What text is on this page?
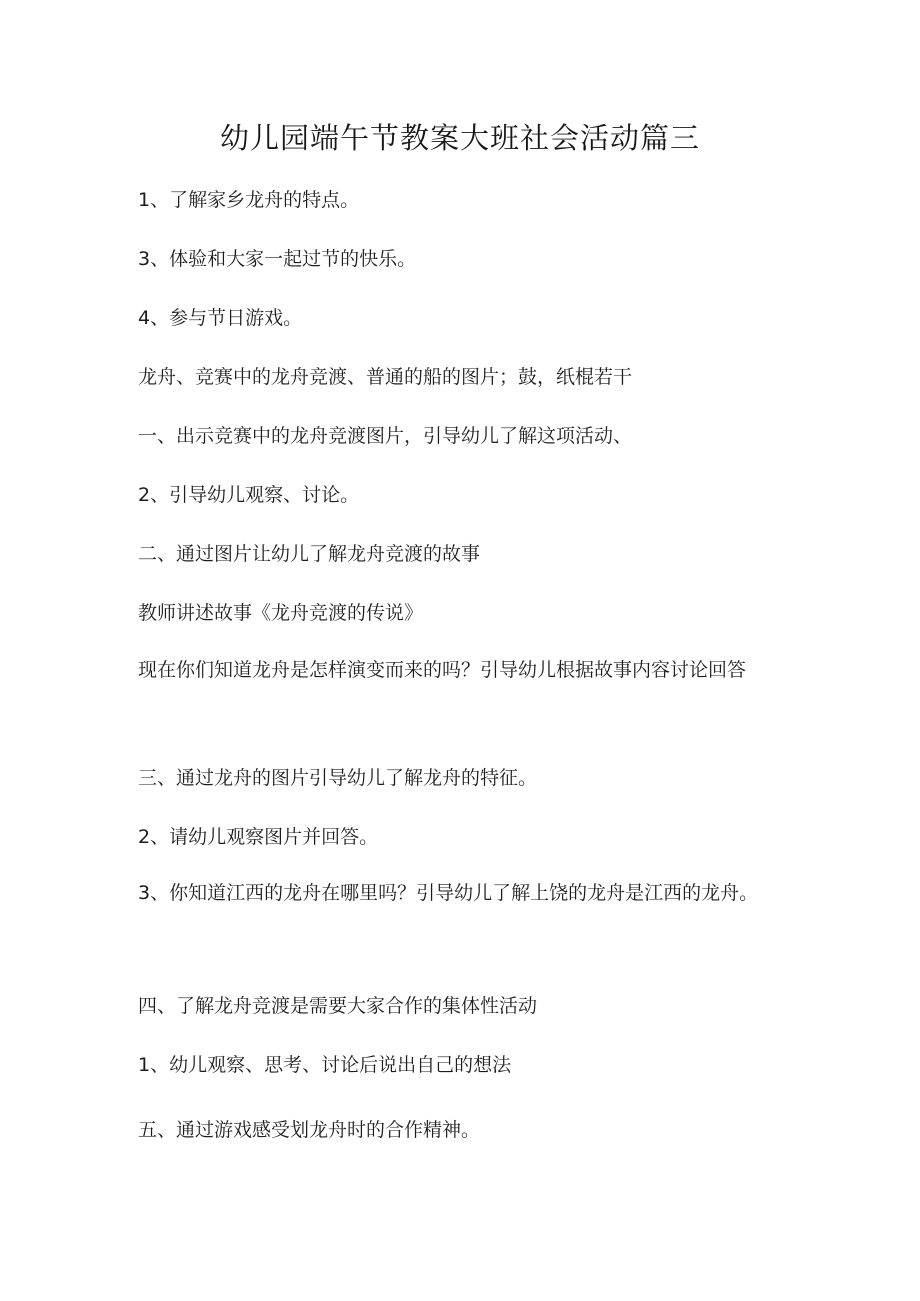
幼儿园端午节教案大班社会活动篇三
1、了解家乡龙舟的特点。
3、体验和大家一起过节的快乐。
4、参与节日游戏。
龙舟、竞赛中的龙舟竞渡、普通的船的图片；鼓，纸棍若干
一、出示竞赛中的龙舟竞渡图片，引导幼儿了解这项活动、
2、引导幼儿观察、讨论。
二、通过图片让幼儿了解龙舟竞渡的故事
教师讲述故事《龙舟竞渡的传说》
现在你们知道龙舟是怎样演变而来的吗？引导幼儿根据故事内容讨论回答
三、通过龙舟的图片引导幼儿了解龙舟的特征。
2、请幼儿观察图片并回答。
3、你知道江西的龙舟在哪里吗？引导幼儿了解上饶的龙舟是江西的龙舟。
四、了解龙舟竞渡是需要大家合作的集体性活动
1、幼儿观察、思考、讨论后说出自己的想法
五、通过游戏感受划龙舟时的合作精神。
